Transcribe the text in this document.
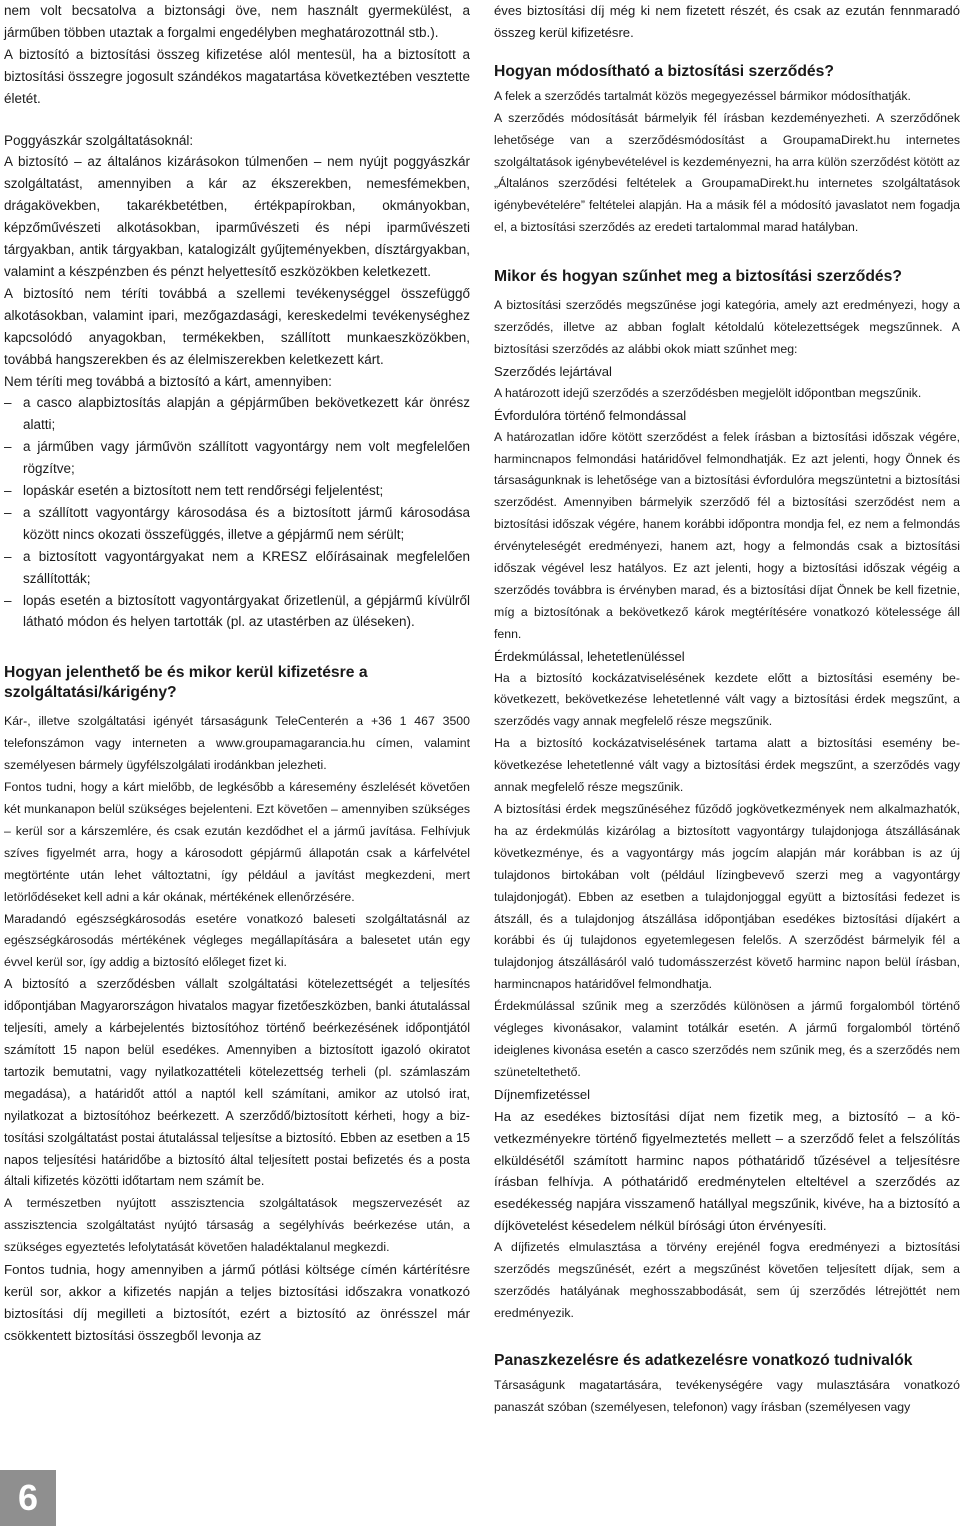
nem volt becsatolva a biztonsági öve, nem használt gyermekülést, a járműben többen utaztak a forgalmi engedélyben meghatározottnál stb.).

A biztosító a biztosítási összeg kifizetése alól mentesül, ha a biztosított a biztosítási összegre jogosult szándékos magatartása következtében vesztette életét.

Poggyászkár szolgáltatásoknál:

A biztosító – az általános kizárásokon túlmenően – nem nyújt poggyászkár szolgáltatást, amennyiben a kár az ékszerekben, nemesfémekben, drágakövekben, takarékbetétben, értékpapírokban, okmányokban, képzőművészeti alkotásokban, iparművészeti és népi iparművészeti tárgyakban, antik tárgyakban, katalogizált gyűjteményekben, dísztárgyakban, valamint a készpénzben és pénzt helyettesítő eszközökben keletkezett.

A biztosító nem téríti továbbá a szellemi tevékenységgel összefüggő alkotásokban, valamint ipari, mezőgazdasági, kereskedelmi tevékenységhez kapcsolódó anyagokban, termékekben, szállított munkaeszközökben, továbbá hangszerekben és az élelmiszerekben keletkezett kárt.

Nem téríti meg továbbá a biztosító a kárt, amennyiben:

– a casco alapbiztosítás alapján a gépjárműben bekövetkezett kár önrész alatti;
– a járműben vagy járművön szállított vagyontárgy nem volt megfelelően rögzítve;
– lopáskár esetén a biztosított nem tett rendőrségi feljelentést;
– a szállított vagyontárgy károsodása és a biztosított jármű károsodása között nincs okozati összefüggés, illetve a gépjármű nem sérült;
– a biztosított vagyontárgyakat nem a KRESZ előírásainak megfelelően szállították;
– lopás esetén a biztosított vagyontárgyakat őrizetlenül, a gépjármű kívülről látható módon és helyen tartották (pl. az utastérben az üléseken).
Hogyan jelenthető be és mikor kerül kifizetésre a szolgáltatási/kárigény?

Kár-, illetve szolgáltatási igényét társaságunk TeleCenterén a +36 1 467 3500 telefonszámon vagy interneten a www.groupamagarancia.hu címen, valamint személyesen bármely ügyfélszolgálati irodánkban jelezheti.

Fontos tudni, hogy a kárt mielőbb, de legkésőbb a káresemény észlelését követően két munkanapon belül szükséges bejelenteni. Ezt követően – amennyiben szükséges – kerül sor a kárszemlére, és csak ezután kezdődhet el a jármű javítása. Felhívjuk szíves figyelmét arra, hogy a károsodott gépjármű állapotán csak a kárfelvétel megtörténte után lehet változtatni, így például a javítást megkezdeni, mert letörlődéseket kell adni a kár okának, mértékének ellenőrzésére.

Maradandó egészségkárosodás esetére vonatkozó baleseti szolgáltatásnál az egészségkárosodás mértékének végleges megállapítására a balesetet után egy évvel kerül sor, így addig a biztosító előleget fizet ki.

A biztosító a szerződésben vállalt szolgáltatási kötelezettségét a teljesítés időpontjában Magyarországon hivatalos magyar fizetőeszközben, banki átutalással teljesíti, amely a kárbejelentés biztosítóhoz történő beérkezésének időpontjától számított 15 napon belül esedékes. Amennyiben a biztosított igazoló okiratot tartozik bemutatni, vagy nyilatkozattételi kötelezettség terheli (pl. számlaszám megadása), a határidőt attól a naptól kell számítani, amikor az utolsó irat, nyilatkozat a biztosítóhoz beérkezett. A szerződő/biztosított kérheti, hogy a biztosítási szolgáltatást postai átutalással teljesítse a biztosító. Ebben az esetben a 15 napos teljesítési határidőbe a biztosító által teljesített postai befizetés és a posta általi kifizetés közötti időtartam nem számít be.

A természetben nyújtott asszisztencia szolgáltatások megszervezését az asszisztencia szolgáltatást nyújtó társaság a segélyhívás beérkezése után, a szükséges egyeztetés lefolytatását követően haladéktalanul megkezdi.

Fontos tudnia, hogy amennyiben a jármű pótlási költsége címén kártérítésre kerül sor, akkor a kifizetés napján a teljes biztosítási időszakra vonatkozó biztosítási díj megilleti a biztosítót, ezért a biztosító az önrésszel már csökkentett biztosítási összegből levonja az

éves biztosítási díj még ki nem fizetett részét, és csak az ezután fennmaradó összeg kerül kifizetésre.

Hogyan módosítható a biztosítási szerződés?

A felek a szerződés tartalmát közös megegyezéssel bármikor módosíthatják.

A szerződés módosítását bármelyik fél írásban kezdeményezheti. A szerződőnek lehetősége van a szerződésmódosítást a GroupamaDirekt.hu internetes szolgáltatások igénybevételével is kezdeményezni, ha arra külön szerződést kötött az „Általános szerződési feltételek a GroupamaDirekt.hu internetes szolgáltatások igénybevételére” feltételei alapján. Ha a másik fél a módosító javaslatot nem fogadja el, a biztosítási szerződés az eredeti tartalommal marad hatályban.

Mikor és hogyan szűnhet meg a biztosítási szerződés?

A biztosítási szerződés megszűnése jogi kategória, amely azt eredményezi, hogy a szerződés, illetve az abban foglalt kétoldalú kötelezettségek megszűnnek. A biztosítási szerződés az alábbi okok miatt szűnhet meg:

Szerződés lejártával

A határozott idejű szerződés a szerződésben megjelölt időpontban megszűnik.

Évfordulóra történő felmondással

A határozatlan időre kötött szerződést a felek írásban a biztosítási időszak végére, harmincnapos felmondási határidővel felmondhatják. Ez azt jelenti, hogy Önnek és társaságunknak is lehetősége van a biztosítási évfordulóra megszüntetni a biztosítási szerződést. Amennyiben bármelyik szerződő fél a biztosítási szerződést nem a biztosítási időszak végére, hanem korábbi időpontra mondja fel, ez nem a felmondás érvényteleségét eredményezi, hanem azt, hogy a felmondás csak a biztosítási időszak végével lesz hatályos. Ez azt jelenti, hogy a biztosítási időszak végéig a szerződés továbbra is érvényben marad, és a biztosítási díjat Önnek be kell fizetnie, míg a biztosítónak a bekövetkező károk megtérítésére vonatkozó kötelessége áll fenn.

Érdekmúlással, lehetetlenüléssel

Ha a biztosító kockázatviselésének kezdete előtt a biztosítási esemény bekövetkezett, bekövetkezése lehetetlenné vált vagy a biztosítási érdek megszűnt, a szerződés vagy annak megfelelő része megszűnik.

Ha a biztosító kockázatviselésének tartama alatt a biztosítási esemény bekövetkezése lehetetlenné vált vagy a biztosítási érdek megszűnt, a szerződés vagy annak megfelelő része megszűnik.

A biztosítási érdek megszűnéséhez fűződő jogkövetkezmények nem alkalmazhatók, ha az érdekmúlás kizárólag a biztosított vagyontárgy tulajdonjoga átszállásának következménye, és a vagyontárgy más jogcím alapján már korábban is az új tulajdonos birtokában volt (például lízingbevevő szerzi meg a vagyontárgy tulajdonjogát). Ebben az esetben a tulajdonjoggal együtt a biztosítási fedezet is átszáll, és a tulajdonjog átszállása időpontjában esedékes biztosítási díjakért a korábbi és új tulajdonos egyetemlegesen felelős. A szerződést bármelyik fél a tulajdonjog átszállásáról való tudomásszerzést követő harminc napon belül írásban, harmincnapos határidővel felmondhatja.

Érdekmúlással szűnik meg a szerződés különösen a jármű forgalomból történő végleges kivonásakor, valamint totálkár esetén. A jármű forgalomból történő ideiglenes kivonása esetén a casco szerződés nem szűnik meg, és a szerződés nem szüneteltethető.

Díjnemfizetéssel

Ha az esedékes biztosítási díjat nem fizetik meg, a biztosító – a következményekre történő figyelmeztetés mellett – a szerződő felet a felszólítás elküldésétől számított harminc napos póthatáridő tűzésével a teljesítésre írásban felhívja. A póthatáridő eredménytelen elteltével a szerződés az esedékesség napjára visszamenő hatállyal megszűnik, kivéve, ha a biztosító a díjkövetelést késedelem nélkül bírósági úton érvényesíti.

A díjfizetés elmulasztása a törvény erejénél fogva eredményezi a biztosítási szerződés megszűnését, ezért a megszűnést követően teljesített díjak, sem a szerződés hatályának meghosszabbodását, sem új szerződés létrejöttét nem eredményezik.

Panaszkezelésre és adatkezelésre vonatkozó tudnivalók

Társaságunk magatartására, tevékenységére vagy mulasztására vonatkozó panaszát szóban (személyesen, telefonon) vagy írásban (személyesen vagy

6
